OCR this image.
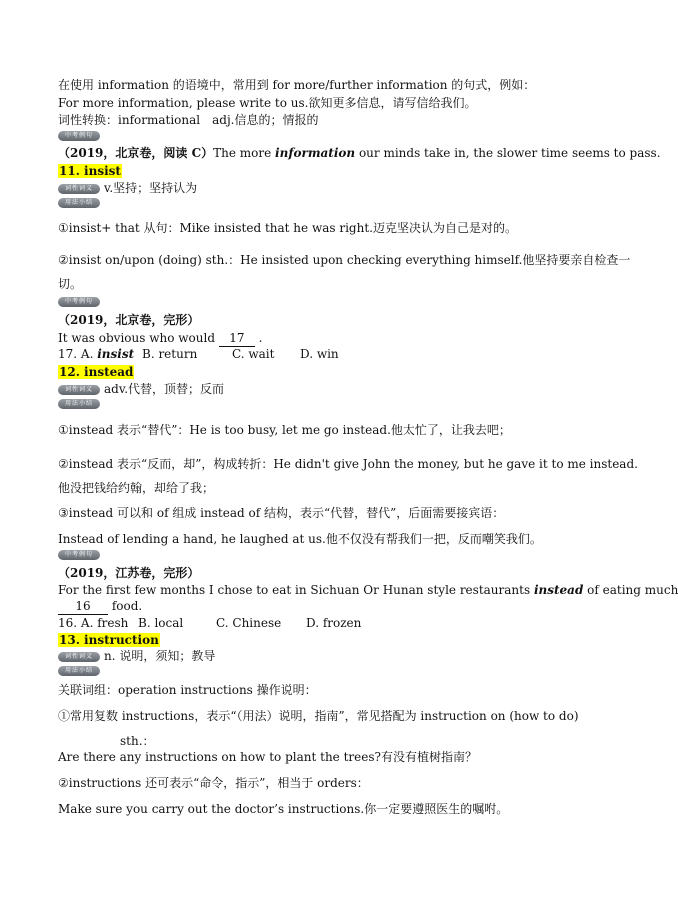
在使用 information 的语境中，常用到 for more/further information 的句式，例如：
For more information, please write to us.欲知更多信息，请写信给我们。
词性转换：informational　adj.信息的；情报的
中考例句
（2019，北京卷，阅读 C）The more information our minds take in, the slower time seems to pass.
11. insist
词性词义 v.坚持；坚持认为
用法小结
①insist+ that 从句：Mike insisted that he was right.迈克坚决认为自己是对的。
②insist on/upon (doing) sth.：He insisted upon checking everything himself.他坚持要亲自检查一
切。
中考例句
（2019，北京卷，完形）
It was obvious who would 17 .
17. A. insist B. return	C. wait D. win
12. instead
词性词义 adv.代替，顶替；反而
用法小结
①instead 表示“替代”：He is too busy, let me go instead.他太忙了，让我去吧；
②instead 表示“反而，却”，构成转折：He didn't give John the money, but he gave it to me instead.
他没把钱给约翰，却给了我；
③instead 可以和 of 组成 instead of 结构，表示“代替，替代”，后面需要接宾语：
Instead of lending a hand, he laughed at us.他不仅没有帮我们一把，反而嘲笑我们。
中考例句
（2019，江苏卷，完形）
For the first few months I chose to eat in Sichuan Or Hunan style restaurants instead of eating much
16 food.
16. A. fresh B. local	C. Chinese D. frozen
13. instruction
词性词义 n. 说明，须知；教导
用法小结
关联词组：operation instructions 操作说明：
①常用复数 instructions，表示“（用法）说明，指南”，常见搭配为 instruction on (how to do)
sth.：
Are there any instructions on how to plant the trees?有没有植树指南？
②instructions 还可表示“命令，指示”，相当于 orders：
Make sure you carry out the doctor’s instructions.你一定要遵照医生的嘱咐。
